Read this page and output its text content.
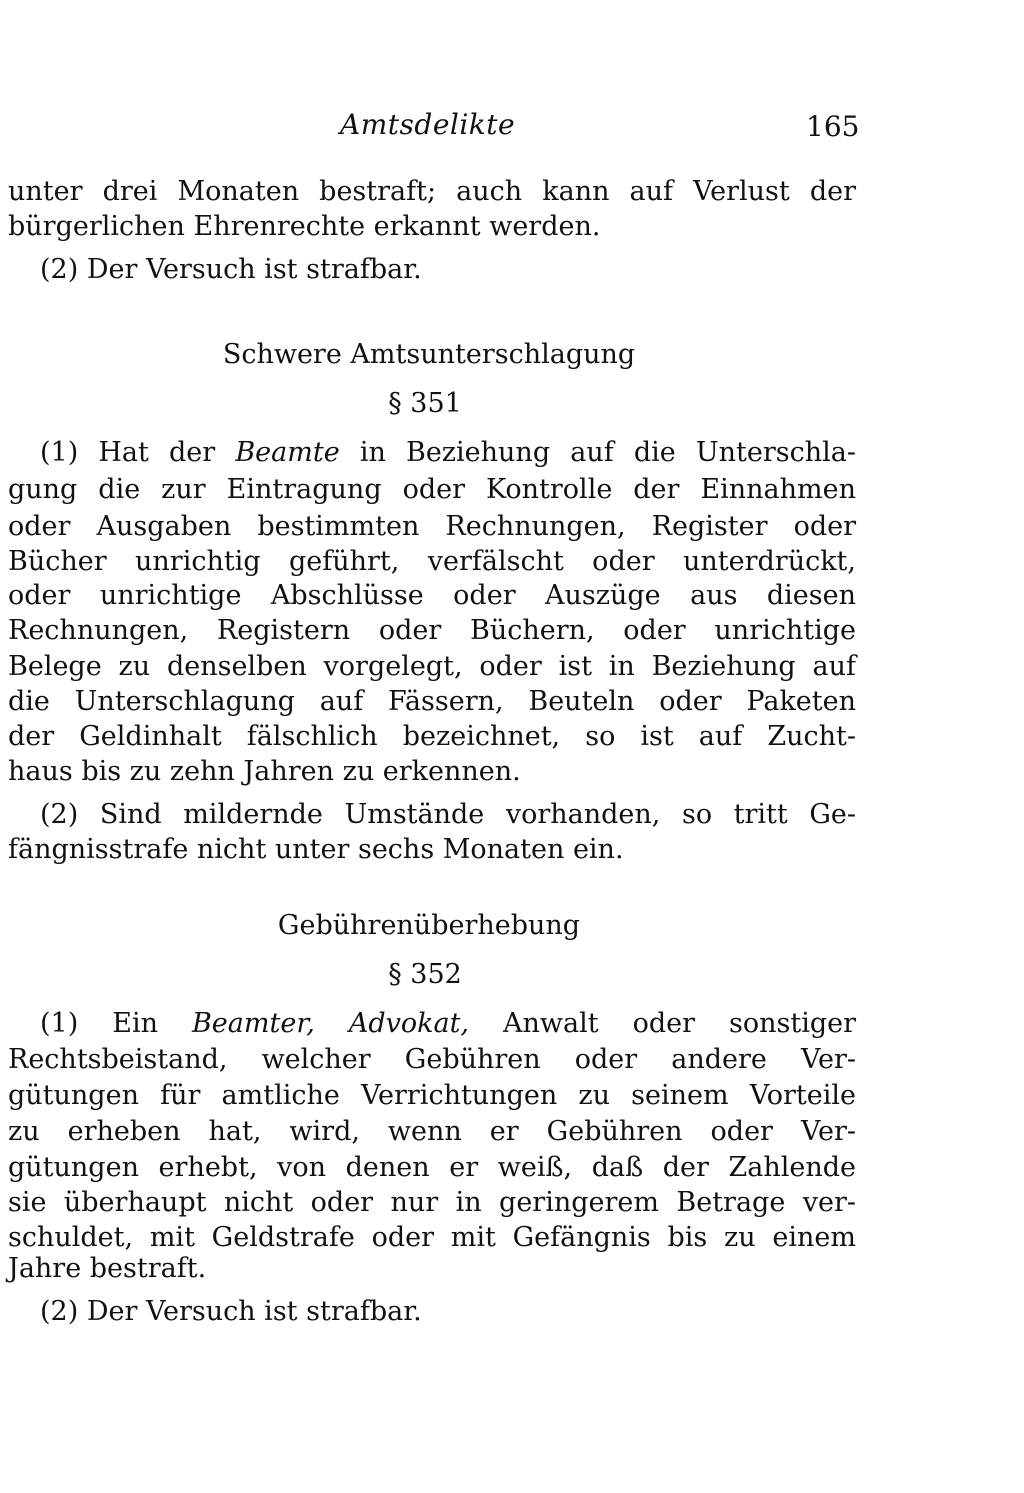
Amtsdelikte	165
unter drei Monaten bestraft; auch kann auf Verlust der
bürgerlichen Ehrenrechte erkannt werden.
(2) Der Versuch ist strafbar.
Schwere Amtsunterschlagung
§ 351
(1) Hat der Beamte in Beziehung auf die Unterschla-
gung die zur Eintragung oder Kontrolle der Einnahmen
oder Ausgaben bestimmten Rechnungen, Register oder
Bücher unrichtig geführt, verfälscht oder unterdrückt,
oder unrichtige Abschlüsse oder Auszüge aus diesen
Rechnungen, Registern oder Büchern, oder unrichtige
Belege zu denselben vorgelegt, oder ist in Beziehung auf
die Unterschlagung auf Fässern, Beuteln oder Paketen
der Geldinhalt fälschlich bezeichnet, so ist auf Zucht-
haus bis zu zehn Jahren zu erkennen.
(2) Sind mildernde Umstände vorhanden, so tritt Ge-
fängnisstrafe nicht unter sechs Monaten ein.
Gebührenüberhebung
§ 352
(1) Ein Beamter, Advokat, Anwalt oder sonstiger
Rechtsbeistand, welcher Gebühren oder andere Ver-
gütungen für amtliche Verrichtungen zu seinem Vorteile
zu erheben hat, wird, wenn er Gebühren oder Ver-
gütungen erhebt, von denen er weiß, daß der Zahlende
sie überhaupt nicht oder nur in geringerem Betrage ver-
schuldet, mit Geldstrafe oder mit Gefängnis bis zu einem
Jahre bestraft.
(2) Der Versuch ist strafbar.
